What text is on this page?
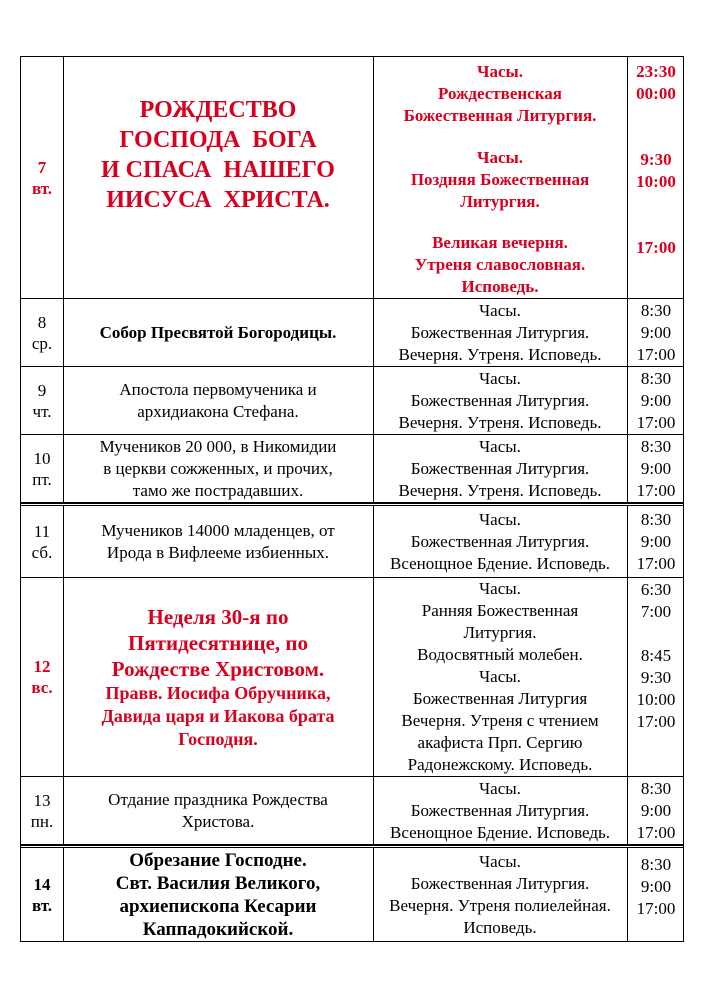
7
вт.
РОЖДЕСТВО
ГОСПОДА  БОГА
И СПАСА  НАШЕГО
ИИСУСА  ХРИСТА.
Часы.
Рождественская
Божественная Литургия.
Часы.
Поздняя Божественная
Литургия.
Великая вечерня.
Утреня славословная.
Исповедь.
23:30
00:00
9:30
10:00
17:00
8
ср.
Собор Пресвятой Богородицы.
Часы.
Божественная Литургия.
Вечерня. Утреня. Исповедь.
8:30
9:00
17:00
9
чт.
Апостола первомученика и
архидиакона Стефана.
Часы.
Божественная Литургия.
Вечерня. Утреня. Исповедь.
8:30
9:00
17:00
10
пт.
Мучеников 20 000, в Никомидии
в церкви сожженных, и прочих,
тамо же пострадавших.
Часы.
Божественная Литургия.
Вечерня. Утреня. Исповедь.
8:30
9:00
17:00
11
сб.
Мучеников 14000 младенцев, от
Ирода в Вифлееме избиенных.
Часы.
Божественная Литургия.
Всенощное Бдение. Исповедь.
8:30
9:00
17:00
12
вс.
Неделя 30-я по
Пятидесятнице, по
Рождестве Христовом.
Правв. Иосифа Обручника,
Давида царя и Иакова брата
Господня.
Часы.
Ранняя Божественная
Литургия.
Водосвятный молебен.
Часы.
Божественная Литургия
Вечерня. Утреня с чтением
акафиста Прп. Сергию
Радонежскому. Исповедь.
6:30
7:00
8:45
9:30
10:00
17:00
13
пн.
Отдание праздника Рождества
Христова.
Часы.
Божественная Литургия.
Всенощное Бдение. Исповедь.
8:30
9:00
17:00
14
вт.
Обрезание Господне.
Свт. Василия Великого,
архиепископа Кесарии
Каппадокийской.
Часы.
Божественная Литургия.
Вечерня. Утреня полиелейная.
Исповедь.
8:30
9:00
17:00
